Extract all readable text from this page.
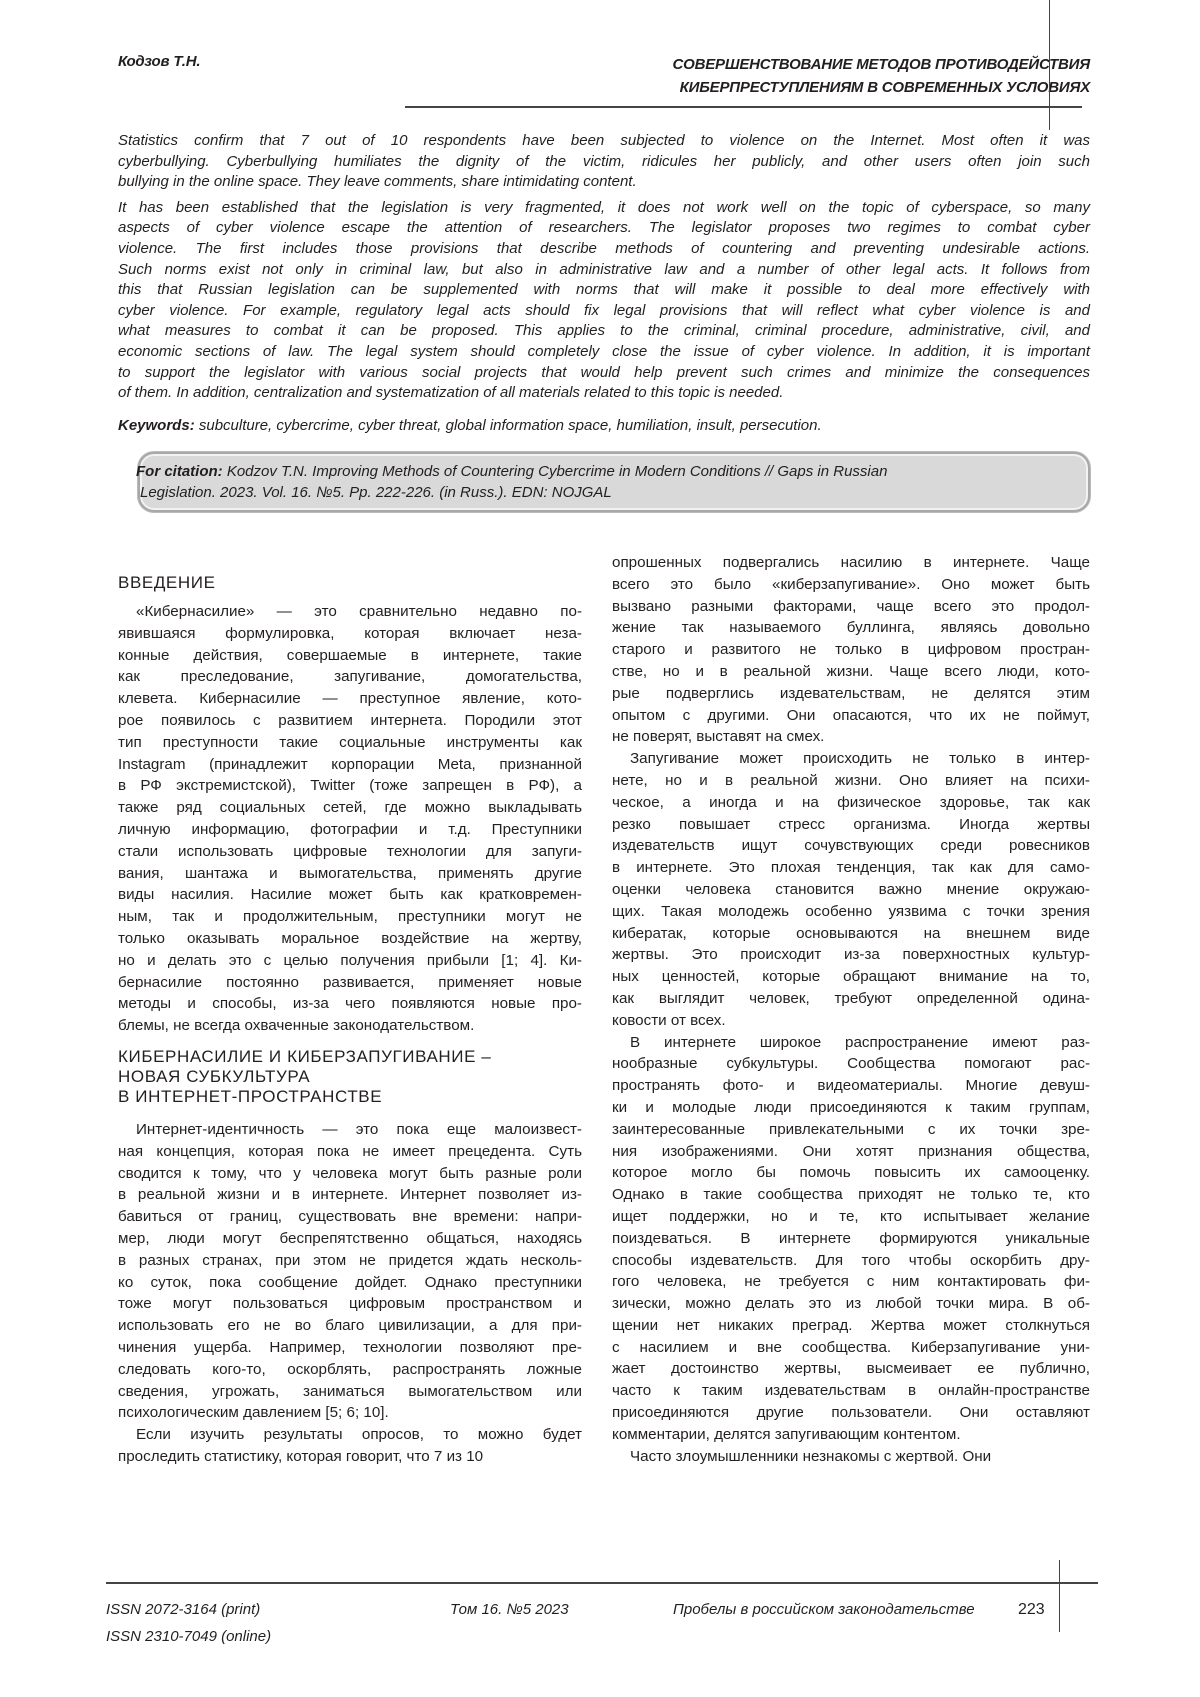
Кодзов Т.Н.	СОВЕРШЕНСТВОВАНИЕ МЕТОДОВ ПРОТИВОДЕЙСТВИЯ
КИБЕРПРЕСТУПЛЕНИЯМ В СОВРЕМЕННЫХ УСЛОВИЯХ
Statistics confirm that 7 out of 10 respondents have been subjected to violence on the Internet. Most often it was
cyberbullying. Cyberbullying humiliates the dignity of the victim, ridicules her publicly, and other users often join such
bullying in the online space. They leave comments, share intimidating content.
It has been established that the legislation is very fragmented, it does not work well on the topic of cyberspace, so many
aspects of cyber violence escape the attention of researchers. The legislator proposes two regimes to combat cyber
violence. The first includes those provisions that describe methods of countering and preventing undesirable actions.
Such norms exist not only in criminal law, but also in administrative law and a number of other legal acts. It follows from
this that Russian legislation can be supplemented with norms that will make it possible to deal more effectively with
cyber violence. For example, regulatory legal acts should fix legal provisions that will reflect what cyber violence is and
what measures to combat it can be proposed. This applies to the criminal, criminal procedure, administrative, civil, and
economic sections of law. The legal system should completely close the issue of cyber violence. In addition, it is important
to support the legislator with various social projects that would help prevent such crimes and minimize the consequences
of them. In addition, centralization and systematization of all materials related to this topic is needed.
Keywords: subculture, cybercrime, cyber threat, global information space, humiliation, insult, persecution.
For citation: Kodzov T.N. Improving Methods of Countering Cybercrime in Modern Conditions // Gaps in Russian
Legislation. 2023. Vol. 16. №5. Pp. 222-226. (in Russ.). EDN: NOJGAL
ВВЕДЕНИЕ
«Кибернасилие» — это сравнительно недавно по-
явившаяся формулировка, которая включает неза-
конные действия, совершаемые в интернете, такие
как преследование, запугивание, домогательства,
клевета. Кибернасилие — преступное явление, кото-
рое появилось с развитием интернета. Породили этот
тип преступности такие социальные инструменты как
Instagram (принадлежит корпорации Meta, признанной
в РФ экстремистской), Twitter (тоже запрещен в РФ), а
также ряд социальных сетей, где можно выкладывать
личную информацию, фотографии и т.д. Преступники
стали использовать цифровые технологии для запуги-
вания, шантажа и вымогательства, применять другие
виды насилия. Насилие может быть как кратковремен-
ным, так и продолжительным, преступники могут не
только оказывать моральное воздействие на жертву,
но и делать это с целью получения прибыли [1; 4]. Ки-
бернасилие постоянно развивается, применяет новые
методы и способы, из-за чего появляются новые про-
блемы, не всегда охваченные законодательством.
КИБЕРНАСИЛИЕ И КИБЕРЗАПУГИВАНИЕ –
НОВАЯ СУБКУЛЬТУРА
В ИНТЕРНЕТ-ПРОСТРАНСТВЕ
Интернет-идентичность — это пока еще малоизвест-
ная концепция, которая пока не имеет прецедента. Суть
сводится к тому, что у человека могут быть разные роли
в реальной жизни и в интернете. Интернет позволяет из-
бавиться от границ, существовать вне времени: напри-
мер, люди могут беспрепятственно общаться, находясь
в разных странах, при этом не придется ждать несколь-
ко суток, пока сообщение дойдет. Однако преступники
тоже могут пользоваться цифровым пространством и
использовать его не во благо цивилизации, а для при-
чинения ущерба. Например, технологии позволяют пре-
следовать кого-то, оскорблять, распространять ложные
сведения, угрожать, заниматься вымогательством или
психологическим давлением [5; 6; 10].
Если изучить результаты опросов, то можно будет
проследить статистику, которая говорит, что 7 из 10
опрошенных подвергались насилию в интернете. Чаще
всего это было «киберзапугивание». Оно может быть
вызвано разными факторами, чаще всего это продол-
жение так называемого буллинга, являясь довольно
старого и развитого не только в цифровом простран-
стве, но и в реальной жизни. Чаще всего люди, кото-
рые подверглись издевательствам, не делятся этим
опытом с другими. Они опасаются, что их не поймут,
не поверят, выставят на смех.
Запугивание может происходить не только в интер-
нете, но и в реальной жизни. Оно влияет на психи-
ческое, а иногда и на физическое здоровье, так как
резко повышает стресс организма. Иногда жертвы
издевательств ищут сочувствующих среди ровесников
в интернете. Это плохая тенденция, так как для само-
оценки человека становится важно мнение окружаю-
щих. Такая молодежь особенно уязвима с точки зрения
кибератак, которые основываются на внешнем виде
жертвы. Это происходит из-за поверхностных культур-
ных ценностей, которые обращают внимание на то,
как выглядит человек, требуют определенной одина-
ковости от всех.
В интернете широкое распространение имеют раз-
нообразные субкультуры. Сообщества помогают рас-
пространять фото- и видеоматериалы. Многие девуш-
ки и молодые люди присоединяются к таким группам,
заинтересованные привлекательными с их точки зре-
ния изображениями. Они хотят признания общества,
которое могло бы помочь повысить их самооценку.
Однако в такие сообщества приходят не только те, кто
ищет поддержки, но и те, кто испытывает желание
поиздеваться. В интернете формируются уникальные
способы издевательств. Для того чтобы оскорбить дру-
гого человека, не требуется с ним контактировать фи-
зически, можно делать это из любой точки мира. В об-
щении нет никаких преград. Жертва может столкнуться
с насилием и вне сообщества. Киберзапугивание уни-
жает достоинство жертвы, высмеивает ее публично,
часто к таким издевательствам в онлайн-пространстве
присоединяются другие пользователи. Они оставляют
комментарии, делятся запугивающим контентом.
Часто злоумышленники незнакомы с жертвой. Они
ISSN 2072-3164 (print)
ISSN 2310-7049 (online)
Том 16. №5 2023	Пробелы в российском законодательстве	223
